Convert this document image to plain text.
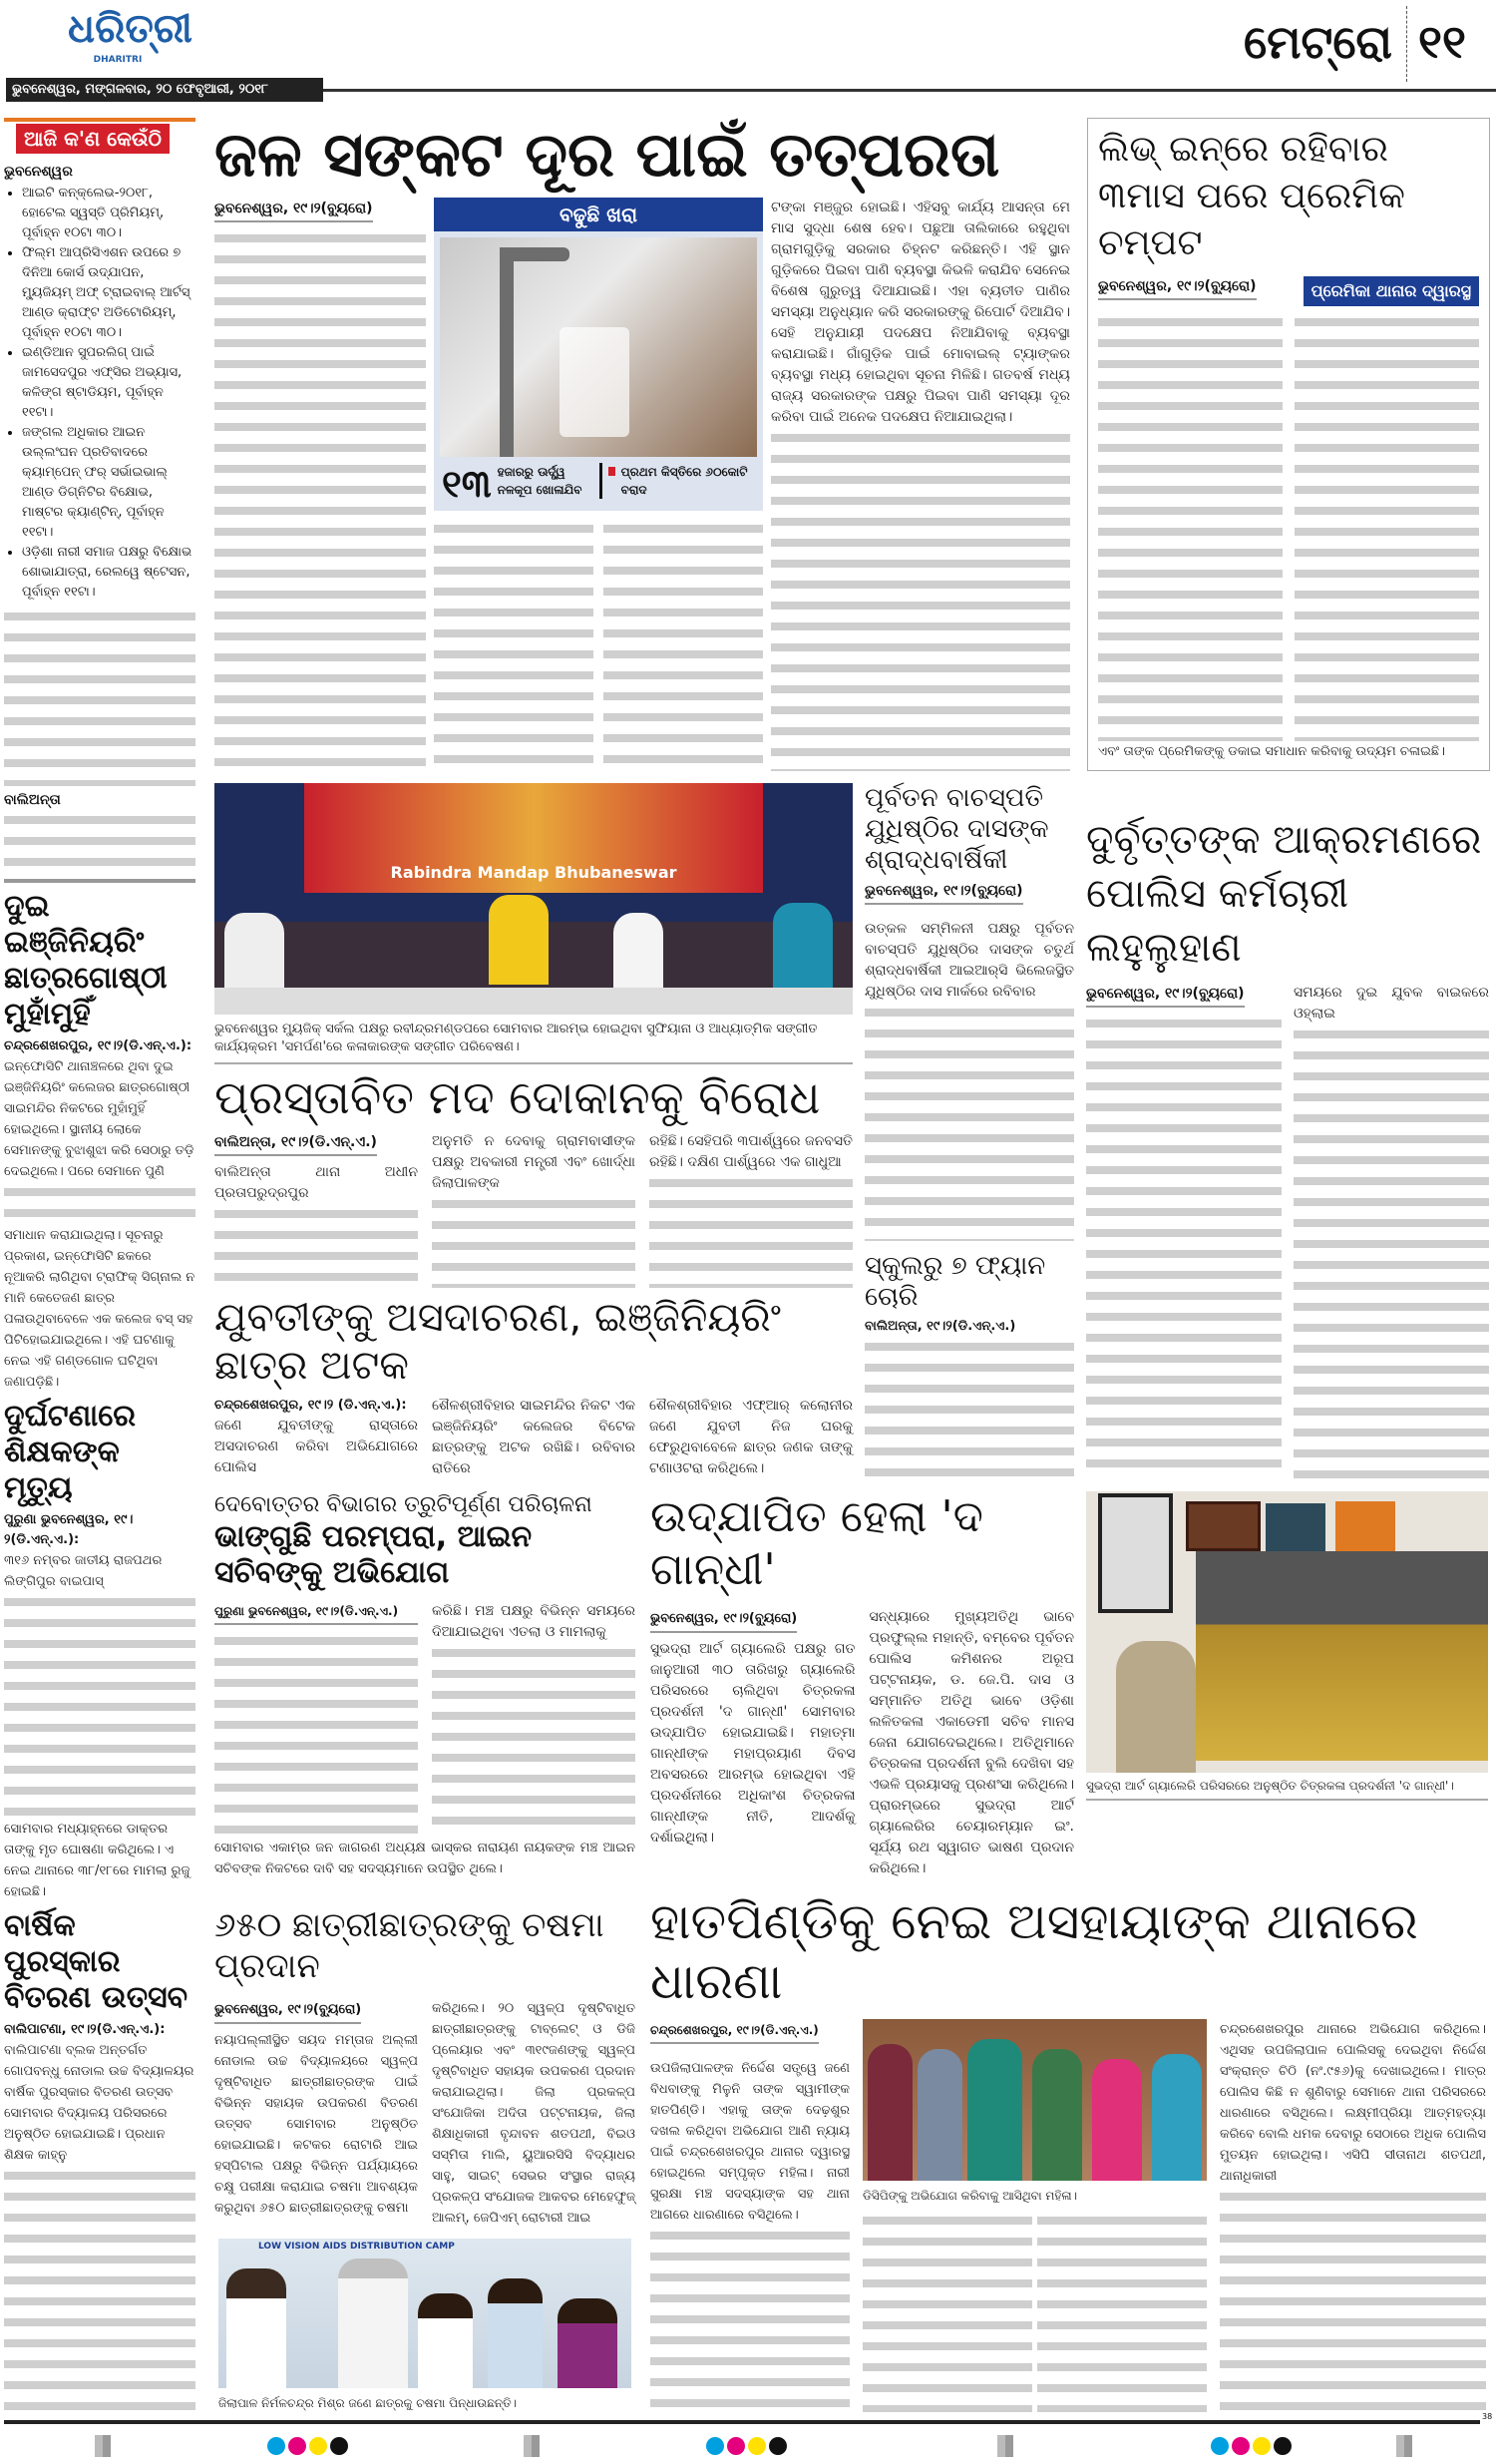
ଧରିତ୍ରୀ
DHARITRI
ଭୁବନେଶ୍ୱର, ମଙ୍ଗଳବାର, ୨୦ ଫେବୃଆରୀ, ୨୦୧୮
ମେଟ୍ରୋ ୧୧
ଆଜି କ'ଣ କେଉଁଠି
ଭୁବନେଶ୍ୱର
• ଆଇଟି କନ୍‌କ୍ଲେଭ-୨୦୧୮, ହୋଟେଲ ସ୍ୱସ୍ତି ପ୍ରିମିୟମ୍, ପୂର୍ବାହ୍ନ ୧୦ଟା ୩୦।
• ଫିଲ୍ମ ଆପ୍ରିସିଏଶନ ଉପରେ ୭ ଦିନିଆ କୋର୍ସ ଉଦ୍‌ଯାପନ, ମ୍ୟୁଜିୟମ୍ ଅଫ୍ ଟ୍ରାଇବାଲ୍ ଆର୍ଟସ୍ ଆଣ୍ଡ କ୍ରାଫ୍ଟ ଅଡିଟୋରିୟମ୍, ପୂର୍ବାହ୍ନ ୧୦ଟା ୩୦।
• ଇଣ୍ଡିଆନ ସୁପରଲିଗ୍ ପାଇଁ ଜାମସେଦପୁର ଏଫ୍‌ସିର ଅଭ୍ୟାସ, କଳିଙ୍ଗ ଷ୍ଟାଡିୟମ, ପୂର୍ବାହ୍ନ ୧୧ଟା।
• ଜଙ୍ଗଲ ଅଧିକାର ଆଇନ ଉଲ୍ଲଂଘନ ପ୍ରତିବାଦରେ କ୍ୟାମ୍ପେନ୍ ଫର୍ ସର୍ଭାଇଭାଲ୍ ଆଣ୍ଡ ଡିଗ୍ନିଟିର ବିକ୍ଷୋଭ, ମାଷ୍ଟର କ୍ୟାଣ୍ଟିନ୍, ପୂର୍ବାହ୍ନ ୧୧ଟା।
• ଓଡ଼ିଶା ନାରୀ ସମାଜ ପକ୍ଷରୁ ବିକ୍ଷୋଭ ଶୋଭାଯାତ୍ରା, ରେଲୱେ ଷ୍ଟେସନ, ପୂର୍ବାହ୍ନ ୧୧ଟା।
ବାଲିଅନ୍ତା
ଦୁଇ ଇଞ୍ଜିନିୟରିଂ ଛାତ୍ରଗୋଷ୍ଠୀ ମୁହାଁମୁହିଁ
ଚନ୍ଦ୍ରଶେଖରପୁର, ୧୯।୨(ଡି.ଏନ୍.ଏ.):
ଇନ୍‌ଫୋସିଟି ଥାନାଞ୍ଚଳରେ ଥିବା ଦୁଇ ଇଞ୍ଜିନିୟରିଂ କଲେଜର ଛାତ୍ରଗୋଷ୍ଠୀ ସାଇମନ୍ଦିର ନିକଟରେ ମୁହାଁମୁହିଁ ହୋଇଥିଲେ। ସ୍ଥାନୀୟ ଲୋକେ ସେମାନଙ୍କୁ ବୁଝାଶୁଝା କରି ସେଠାରୁ ତଡ଼ି ଦେଇଥିଲେ। ପରେ ସେମାନେ ପୁଣି
ସମାଧାନ କରାଯାଇଥିଲା। ସୂଚନାରୁ ପ୍ରକାଶ, ଇନ୍‌ଫୋସିଟି ଛକରେ ନୂଆକରି ଲାଗିଥିବା ଟ୍ରାଫିକ୍ ସିଗ୍ନାଲ ନ ମାନି କେତେଜଣ ଛାତ୍ର ପଳାଉଥିବାବେଳେ ଏକ କଲେଜ ବସ୍ ସହ ପିଟିହୋଇଯାଇଥିଲେ। ଏହି ଘଟଣାକୁ ନେଇ ଏହି ଗଣ୍ଡଗୋଳ ଘଟିଥିବା ଜଣାପଡ଼ିଛି।
ଦୁର୍ଘଟଣାରେ ଶିକ୍ଷକଙ୍କ ମୃତ୍ୟୁ
ପୁରୁଣା ଭୁବନେଶ୍ୱର, ୧୯।୨(ଡି.ଏନ୍.ଏ.):
୩୧୬ ନମ୍ବର ଜାତୀୟ ରାଜପଥର ଲିଙ୍ଗିପୁର ବାଇପାସ୍
ସୋମବାର ମଧ୍ୟାହ୍ନରେ ଡାକ୍ତର ତାଙ୍କୁ ମୃତ ଘୋଷଣା କରିଥିଲେ। ଏ ନେଇ ଥାନାରେ ୩୮/୧୮ରେ ମାମଲା ରୁଜୁ ହୋଇଛି।
ବାର୍ଷିକ ପୁରସ୍କାର ବିତରଣ ଉତ୍ସବ
ବାଲିପାଟଣା, ୧୯।୨(ଡି.ଏନ୍.ଏ.):
ବାଲିପାଟଣା ବ୍ଲକ ଅନ୍ତର୍ଗତ ଗୋପବନ୍ଧୁ ନୋଡାଲ ଉଚ୍ଚ ବିଦ୍ୟାଳୟର ବାର୍ଷିକ ପୁରସ୍କାର ବିତରଣ ଉତ୍ସବ ସୋମବାର ବିଦ୍ୟାଳୟ ପରିସରରେ ଅନୁଷ୍ଠିତ ହୋଇଯାଇଛି। ପ୍ରଧାନ ଶିକ୍ଷକ କାହ୍ନୁ
ଜଳ ସଙ୍କଟ ଦୂର ପାଇଁ ତତ୍ପରତା
ଭୁବନେଶ୍ୱର, ୧୯।୨(ବ୍ୟୁରୋ)	ବଢୁଛି ଖରା
୧୩ ହଜାରରୁ ଊର୍ଦ୍ଧ୍ୱ ନଳକୂପ ଖୋଳାଯିବ
ପ୍ରଥମ କିସ୍ତିରେ ୬୦କୋଟି ବରାଦ
ଟଙ୍କା ମଞ୍ଜୁର ହୋଇଛି। ଏହିସବୁ କାର୍ଯ୍ୟ ଆସନ୍ତା ମେ ମାସ ସୁଦ୍ଧା ଶେଷ ହେବ। ପଛୁଆ ତାଲିକାରେ ରହୁଥିବା ଗ୍ରାମଗୁଡ଼ିକୁ ସରକାର ଚିହ୍ନଟ କରିଛନ୍ତି। ଏହି ସ୍ଥାନ ଗୁଡ଼ିକରେ ପିଇବା ପାଣି ବ୍ୟବସ୍ଥା କିଭଳି କରାଯିବ ସେନେଇ ବିଶେଷ ଗୁରୁତ୍ୱ ଦିଆଯାଇଛି। ଏହା ବ୍ୟତୀତ ପାଣିର ସମସ୍ୟା ଅନୁଧ୍ୟାନ କରି ସରକାରଙ୍କୁ ରିପୋର୍ଟ ଦିଆଯିବ। ସେହି ଅନୁଯାୟୀ ପଦକ୍ଷେପ ନିଆଯିବାକୁ ବ୍ୟବସ୍ଥା କରାଯାଇଛି। ଗାଁଗୁଡ଼ିକ ପାଇଁ ମୋବାଇଲ୍ ଟ୍ୟାଙ୍କର ବ୍ୟବସ୍ଥା ମଧ୍ୟ ହୋଇଥିବା ସୂଚନା ମିଳିଛି। ଗତବର୍ଷ ମଧ୍ୟ ରାଜ୍ୟ ସରକାରଙ୍କ ପକ୍ଷରୁ ପିଇବା ପାଣି ସମସ୍ୟା ଦୂର କରିବା ପାଇଁ ଅନେକ ପଦକ୍ଷେପ ନିଆଯାଇଥିଲା।
ଲିଭ୍ ଇନ୍‌ରେ ରହିବାର ୩ମାସ ପରେ ପ୍ରେମିକ ଚମ୍ପଟ
ଭୁବନେଶ୍ୱର, ୧୯।୨(ବ୍ୟୁରୋ)	ପ୍ରେମିକା ଥାନାର ଦ୍ୱାରସ୍ଥ
ଏବଂ ତାଙ୍କ ପ୍ରେମିକଙ୍କୁ ଡକାଇ ସମାଧାନ କରିବାକୁ ଉଦ୍ୟମ ଚଳାଇଛି।
Rabindra Mandap Bhubaneswar
ଭୁବନେଶ୍ୱର ମ୍ୟୁଜିକ୍ ସର୍କଲ ପକ୍ଷରୁ ରବୀନ୍ଦ୍ରମଣ୍ଡପରେ ସୋମବାର ଆରମ୍ଭ ହୋଇଥିବା ସୁଫିୟାନା ଓ ଆଧ୍ୟାତ୍ମିକ ସଙ୍ଗୀତ କାର୍ଯ୍ୟକ୍ରମ 'ସମର୍ପଣ'ରେ କଳାକାରଙ୍କ ସଙ୍ଗୀତ ପରିବେଷଣ।
ପ୍ରସ୍ତାବିତ ମଦ ଦୋକାନକୁ ବିରୋଧ
ବାଲିଅନ୍ତା, ୧୯।୨(ଡି.ଏନ୍.ଏ.)
ବାଲିଅନ୍ତା ଥାନା ଅଧୀନ ପ୍ରତାପରୁଦ୍ରପୁର
ଅନୁମତି ନ ଦେବାକୁ ଗ୍ରାମବାସୀଙ୍କ ପକ୍ଷରୁ ଅବକାରୀ ମନ୍ତ୍ରୀ ଏବଂ ଖୋର୍ଦ୍ଧା ଜିଲାପାଳଙ୍କ
ରହିଛି। ସେହିପରି ୩ପାର୍ଶ୍ୱରେ ଜନବସତି ରହିଛି। ଦକ୍ଷିଣ ପାର୍ଶ୍ୱରେ ଏକ ଗାଧୁଆ
ଯୁବତୀଙ୍କୁ ଅସଦାଚରଣ, ଇଞ୍ଜିନିୟରିଂ ଛାତ୍ର ଅଟକ
ଚନ୍ଦ୍ରଶେଖରପୁର, ୧୯।୨ (ଡି.ଏନ୍.ଏ.):
ଜଣେ ଯୁବତୀଙ୍କୁ ରାସ୍ତାରେ ଅସଦାଚରଣ କରିବା ଅଭିଯୋଗରେ ପୋଲିସ
ଶୈଳଶ୍ରୀବିହାର ସାଇମନ୍ଦିର ନିକଟ ଏକ ଇଞ୍ଜିନିୟରିଂ କଲେଜର ବିଟେକ ଛାତ୍ରଙ୍କୁ ଅଟକ ରଖିଛି। ରବିବାର ରାତିରେ
ଶୈଳଶ୍ରୀବିହାର ଏଫ୍ଆର୍ କଲୋନୀର ଜଣେ ଯୁବତୀ ନିଜ ଘରକୁ ଫେରୁଥିବାବେଳେ ଛାତ୍ର ଜଣକ ତାଙ୍କୁ ଟଣାଓଟରା କରିଥିଲେ।
ପୂର୍ବତନ ବାଚସ୍ପତି ଯୁଧିଷ୍ଠିର ଦାସଙ୍କ ଶ୍ରାଦ୍ଧବାର୍ଷିକୀ
ଭୁବନେଶ୍ୱର, ୧୯।୨(ବ୍ୟୁରୋ)
ଉତ୍କଳ ସମ୍ମିଳନୀ ପକ୍ଷରୁ ପୂର୍ବତନ ବାଚସ୍ପତି ଯୁଧିଷ୍ଠିର ଦାସଙ୍କ ଚତୁର୍ଥ ଶ୍ରାଦ୍ଧବାର୍ଷିକୀ ଆଇଆର୍‌ସି ଭିଲେଜସ୍ଥିତ ଯୁଧିଷ୍ଠିର ଦାସ ମାର୍କରେ ରବିବାର
ସ୍କୁଲରୁ ୭ ଫ୍ୟାନ ଚୋରି
ବାଲିଅନ୍ତା, ୧୯।୨(ଡି.ଏନ୍.ଏ.)
ଦୁର୍ବୃତ୍ତଙ୍କ ଆକ୍ରମଣରେ ପୋଲିସ କର୍ମଚାରୀ ଲହୁଲୁହାଣ
ଭୁବନେଶ୍ୱର, ୧୯।୨(ବ୍ୟୁରୋ)	ସମୟରେ ଦୁଇ ଯୁବକ ବାଇକରେ ଓହ୍ଲାଇ
ଦେବୋତ୍ତର ବିଭାଗର ତ୍ରୁଟିପୂର୍ଣ୍ଣ ପରିଚାଳନା
ଭାଙ୍ଗୁଛି ପରମ୍ପରା, ଆଇନ ସଚିବଙ୍କୁ ଅଭିଯୋଗ
ପୁରୁଣା ଭୁବନେଶ୍ୱର, ୧୯।୨(ଡି.ଏନ୍.ଏ.)	କରିଛି। ମଞ୍ଚ ପକ୍ଷରୁ ବିଭିନ୍ନ ସମୟରେ ଦିଆଯାଇଥିବା ଏତଲା ଓ ମାମଲାକୁ
ସୋମବାର ଏକାମ୍ର ଜନ ଜାଗରଣ ଅଧ୍ୟକ୍ଷ ଭାସ୍କର ନାରାୟଣ ନାୟକଙ୍କ ମଞ୍ଚ ଆଇନ ସଚିବଙ୍କ ନିକଟରେ ଦାବି ସହ ସଦସ୍ୟମାନେ ଉପସ୍ଥିତ ଥିଲେ।
ଉଦ୍‌ଯାପିତ ହେଲା 'ଦ ଗାନ୍ଧୀ'
ଭୁବନେଶ୍ୱର, ୧୯।୨(ବ୍ୟୁରୋ)
ସୁଭଦ୍ରା ଆର୍ଟ ଗ୍ୟାଲେରି ପକ୍ଷରୁ ଗତ ଜାନୁଆରୀ ୩୦ ତାରିଖରୁ ଗ୍ୟାଲେରି ପରିସରରେ ଚାଲିଥିବା ଚିତ୍ରକଳା ପ୍ରଦର୍ଶନୀ 'ଦ ଗାନ୍ଧୀ' ସୋମବାର ଉଦ୍‌ଯାପିତ ହୋଇଯାଇଛି। ମହାତ୍ମା ଗାନ୍ଧୀଙ୍କ ମହାପ୍ରୟାଣ ଦିବସ ଅବସରରେ ଆରମ୍ଭ ହୋଇଥିବା ଏହି ପ୍ରଦର୍ଶନୀରେ ଅଧିକାଂଶ ଚିତ୍ରକଳା ଗାନ୍ଧୀଙ୍କ ନୀତି, ଆଦର୍ଶକୁ ଦର୍ଶାଇଥିଲା।
ସନ୍ଧ୍ୟାରେ ମୁଖ୍ୟଅତିଥି ଭାବେ ପ୍ରଫୁଲ୍ଲ ମହାନ୍ତି, ବମ୍ବେର ପୂର୍ବତନ ପୋଲିସ କମିଶନର ଅରୂପ ପଟ୍ଟନାୟକ, ଡ. ଜେ.ପି. ଦାସ ଓ ସମ୍ମାନିତ ଅତିଥି ଭାବେ ଓଡ଼ିଶା ଲଳିତକଳା ଏକାଡେମୀ ସଚିବ ମାନସ ଜେନା ଯୋଗଦେଇଥିଲେ। ଅତିଥିମାନେ ଚିତ୍ରକଳା ପ୍ରଦର୍ଶନୀ ବୁଲି ଦେଖିବା ସହ ଏଭଳି ପ୍ରୟାସକୁ ପ୍ରଶଂସା କରିଥିଲେ। ପ୍ରାରମ୍ଭରେ ସୁଭଦ୍ରା ଆର୍ଟ ଗ୍ୟାଲେରିର ଚେୟାରମ୍ୟାନ ଇଂ. ସୂର୍ଯ୍ୟ ରଥ ସ୍ୱାଗତ ଭାଷଣ ପ୍ରଦାନ କରିଥିଲେ।
ସୁଭଦ୍ରା ଆର୍ଟ ଗ୍ୟାଲେରି ପରିସରରେ ଅନୁଷ୍ଠିତ ଚିତ୍ରକଳା ପ୍ରଦର୍ଶନୀ 'ଦ ଗାନ୍ଧୀ'।
୬୫୦ ଛାତ୍ରୀଛାତ୍ରଙ୍କୁ ଚଷମା ପ୍ରଦାନ
ଭୁବନେଶ୍ୱର, ୧୯।୨(ବ୍ୟୁରୋ)
ନୟାପଲ୍ଲୀସ୍ଥିତ ସୟଦ ମମ୍ତାଜ ଅଲ୍ଲୀ ନୋଡାଲ ଉଚ୍ଚ ବିଦ୍ୟାଳୟରେ ସ୍ୱଳ୍ପ ଦୃଷ୍ଟିବାଧିତ ଛାତ୍ରୀଛାତ୍ରଙ୍କ ପାଇଁ ବିଭିନ୍ନ ସହାୟକ ଉପକରଣ ବିତରଣ ଉତ୍ସବ ସୋମବାର ଅନୁଷ୍ଠିତ ହୋଇଯାଇଛି। କଟକର ରୋଟାରି ଆଇ ହସ୍ପିଟାଲ ପକ୍ଷରୁ ବିଭିନ୍ନ ପର୍ଯ୍ୟାୟରେ ଚକ୍ଷୁ ପରୀକ୍ଷା କରାଯାଇ ଚଷମା ଆବଶ୍ୟକ କରୁଥିବା ୬୫୦ ଛାତ୍ରୀଛାତ୍ରଙ୍କୁ ଚଷମା
କରିଥିଲେ। ୨୦ ସ୍ୱଳ୍ପ ଦୃଷ୍ଟିବାଧିତ ଛାତ୍ରୀଛାତ୍ରଙ୍କୁ ଟାବ୍‌ଲେଟ୍ ଓ ଡିଜି ପ୍ଲେୟାର ଏବଂ ୩୧୯ଜଣଙ୍କୁ ସ୍ୱଳ୍ପ ଦୃଷ୍ଟିବାଧିତ ସହାୟକ ଉପକରଣ ପ୍ରଦାନ କରାଯାଇଥିଲା। ଜିଲା ପ୍ରକଳ୍ପ ସଂଯୋଜିକା ଅଦିତା ପଟ୍ଟନାୟକ, ଜିଲା ଶିକ୍ଷାଧିକାରୀ ବୃନ୍ଦାବନ ଶତପଥୀ, ବିଇଓ ସସ୍ମିତା ମାଲି, ୟୁଆରସିସି ବିଦ୍ୟାଧର ସାହୁ, ସାଇଟ୍ ସେଭର ସଂସ୍ଥାର ରାଜ୍ୟ ପ୍ରକଳ୍ପ ସଂଯୋଜକ ଆକବର ମେହେଫୁଜ୍ ଆଲମ୍, ଜେପିଏମ୍ ରୋଟାରୀ ଆଇ
LOW VISION AIDS DISTRIBUTION CAMP
ଜିଲାପାଳ ନିର୍ମଳଚନ୍ଦ୍ର ମିଶ୍ର ଜଣେ ଛାତ୍ରକୁ ଚଷମା ପିନ୍ଧାଉଛନ୍ତି।
ହାତପିଣ୍ଡିକୁ ନେଇ ଅସହାୟାଙ୍କ ଥାନାରେ ଧାରଣା
ଚନ୍ଦ୍ରଶେଖରପୁର, ୧୯।୨(ଡି.ଏନ୍.ଏ.)
ଉପଜିଲାପାଳଙ୍କ ନିର୍ଦ୍ଦେଶ ସତ୍ତ୍ୱେ ଜଣେ ବିଧବାଙ୍କୁ ମିଳୁନି ତାଙ୍କ ସ୍ୱାମୀଙ୍କ ହାତପିଣ୍ଡି। ଏହାକୁ ତାଙ୍କ ଦେଢ଼ଶୁର ଦଖଲ କରିଥିବା ଅଭିଯୋଗ ଆଣି ନ୍ୟାୟ ପାଇଁ ଚନ୍ଦ୍ରଶେଖରପୁର ଥାନାର ଦ୍ୱାରସ୍ଥ ହୋଇଥିଲେ ସମ୍ପୃକ୍ତ ମହିଳା। ନାରୀ ସୁରକ୍ଷା ମଞ୍ଚ ସଦସ୍ୟାଙ୍କ ସହ ଥାନା ଆଗରେ ଧାରଣାରେ ବସିଥିଲେ।
ଡିସିପିଙ୍କୁ ଅଭିଯୋଗ କରିବାକୁ ଆସିଥିବା ମହିଳା।
ଚନ୍ଦ୍ରଶେଖରପୁର ଥାନାରେ ଅଭିଯୋଗ କରିଥିଲେ। ଏଥିସହ ଉପଜିଲାପାଳ ପୋଲିସକୁ ଦେଇଥିବା ନିର୍ଦ୍ଦେଶ ସଂକ୍ରାନ୍ତ ଚିଠି (ନଂ.୯୫୬)କୁ ଦେଖାଇଥିଲେ। ମାତ୍ର ପୋଲିସ କିଛି ନ ଶୁଣିବାରୁ ସେମାନେ ଥାନା ପରିସରରେ ଧାରଣାରେ ବସିଥିଲେ। ଲକ୍ଷ୍ମୀପ୍ରିୟା ଆତ୍ମହତ୍ୟା କରିବେ ବୋଲି ଧମକ ଦେବାରୁ ସେଠାରେ ଅଧିକ ପୋଲିସ ମୁତୟନ ହୋଇଥିଲା। ଏସିପି ସୀତାନାଥ ଶତପଥୀ, ଥାନାଧିକାରୀ
38
